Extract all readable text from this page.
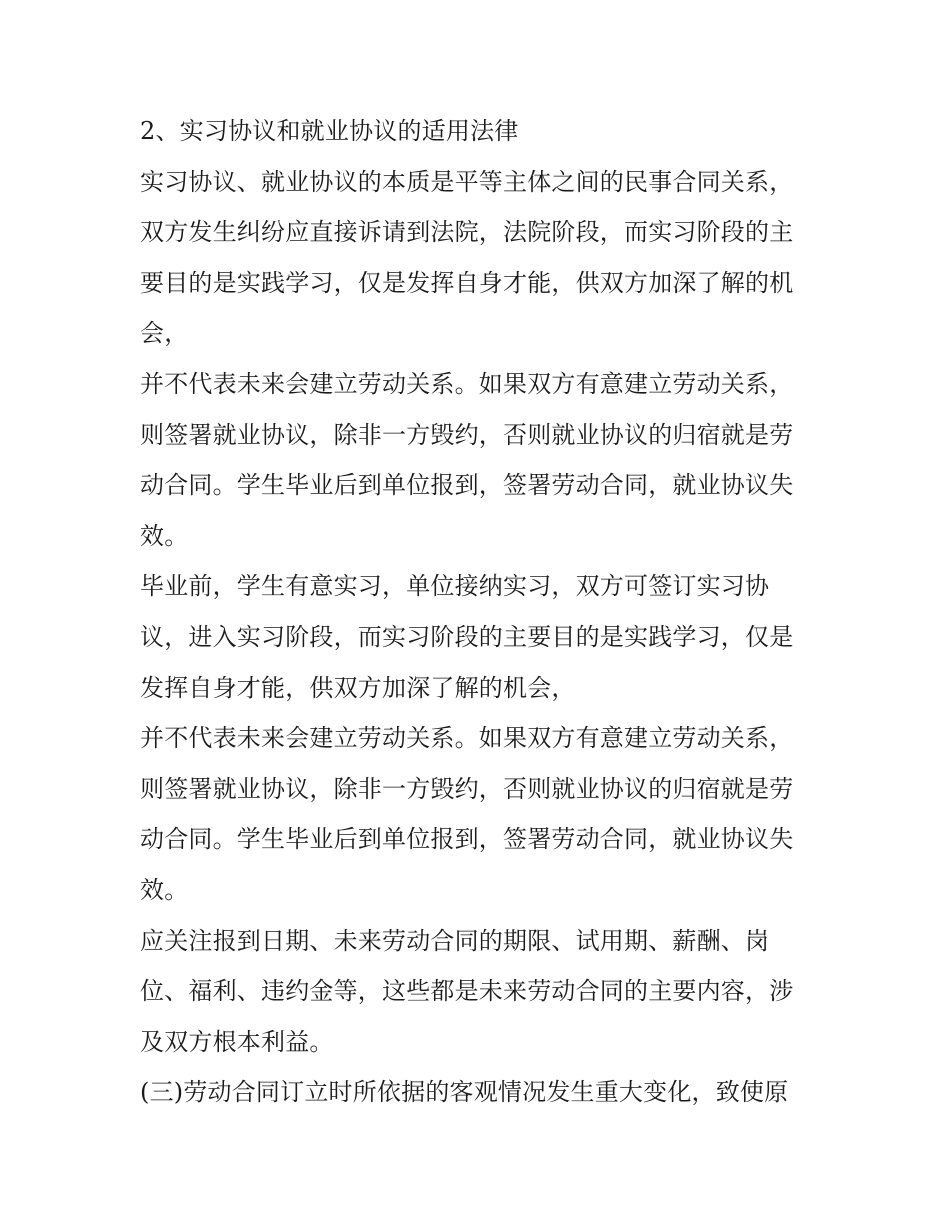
2、实习协议和就业协议的适用法律
实习协议、就业协议的本质是平等主体之间的民事合同关系，
双方发生纠纷应直接诉请到法院，法院阶段，而实习阶段的主
要目的是实践学习，仅是发挥自身才能，供双方加深了解的机
会，
并不代表未来会建立劳动关系。如果双方有意建立劳动关系，
则签署就业协议，除非一方毁约，否则就业协议的归宿就是劳
动合同。学生毕业后到单位报到，签署劳动合同，就业协议失
效。
毕业前，学生有意实习，单位接纳实习，双方可签订实习协
议，进入实习阶段，而实习阶段的主要目的是实践学习，仅是
发挥自身才能，供双方加深了解的机会，
并不代表未来会建立劳动关系。如果双方有意建立劳动关系，
则签署就业协议，除非一方毁约，否则就业协议的归宿就是劳
动合同。学生毕业后到单位报到，签署劳动合同，就业协议失
效。
应关注报到日期、未来劳动合同的期限、试用期、薪酬、岗
位、福利、违约金等，这些都是未来劳动合同的主要内容，涉
及双方根本利益。
(三)劳动合同订立时所依据的客观情况发生重大变化，致使原
